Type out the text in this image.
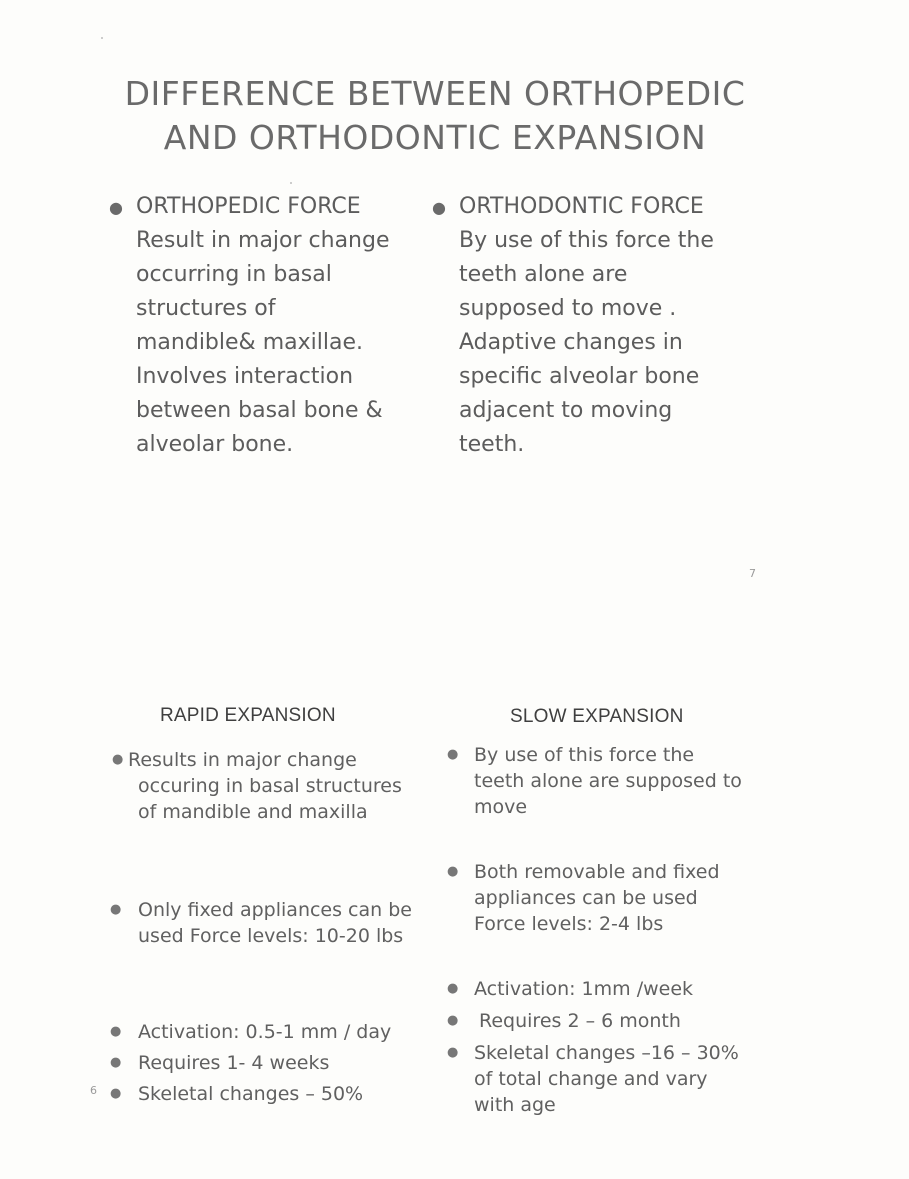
DIFFERENCE BETWEEN ORTHOPEDIC
AND ORTHODONTIC EXPANSION
● ORTHOPEDIC FORCE
Result in major change
occurring in basal
structures of
mandible& maxillae.
Involves interaction
between basal bone &
alveolar bone.
● ORTHODONTIC FORCE
By use of this force the
teeth alone are
supposed to move .
Adaptive changes in
specific alveolar bone
adjacent to moving
teeth.
RAPID EXPANSION	SLOW EXPANSION
● Results in major change
occuring in basal structures
of mandible and maxilla
● Only fixed appliances can be
used Force levels: 10-20 lbs
● Activation: 0.5-1 mm / day
● Requires 1- 4 weeks
● Skeletal changes – 50%
● By use of this force the
teeth alone are supposed to
move
● Both removable and fixed
appliances can be used
Force levels: 2-4 lbs
● Activation: 1mm /week
● Requires 2 – 6 month
● Skeletal changes –16 – 30%
of total change and vary
with age
7
6
